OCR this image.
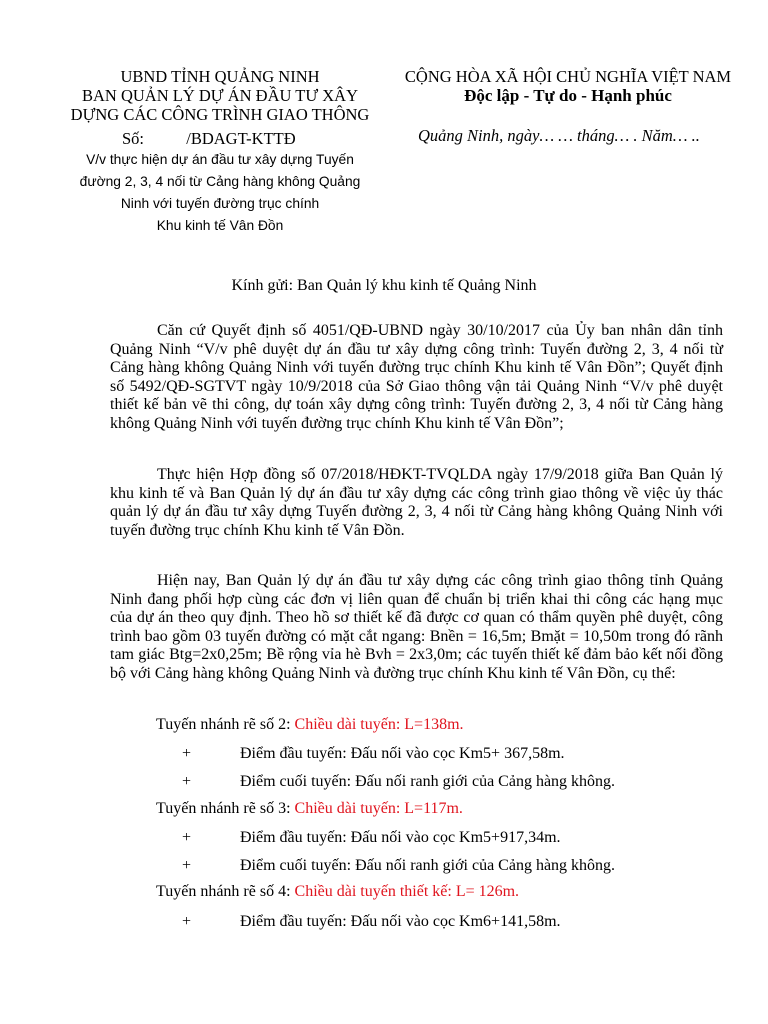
UBND TỈNH QUẢNG NINH
BAN QUẢN LÝ DỰ ÁN ĐẦU TƯ XÂY
DỰNG CÁC CÔNG TRÌNH GIAO THÔNG
CỘNG HÒA XÃ HỘI CHỦ NGHĨA VIỆT NAM
Độc lập - Tự do - Hạnh phúc
Số:	/BDAGT-KTTĐ
V/v thực hiện dự án đầu tư xây dựng Tuyến
đường 2, 3, 4 nối từ Cảng hàng không Quảng
Ninh với tuyến đường trục chính
Khu kinh tế Vân Đồn
Quảng Ninh, ngày… … tháng… . Năm… ..
Kính gửi: Ban Quản lý khu kinh tế Quảng Ninh
Căn cứ Quyết định số 4051/QĐ-UBND ngày 30/10/2017 của Ủy ban nhân dân tỉnh Quảng Ninh “V/v phê duyệt dự án đầu tư xây dựng công trình: Tuyến đường 2, 3, 4 nối từ Cảng hàng không Quảng Ninh với tuyến đường trục chính Khu kinh tế Vân Đồn”; Quyết định số 5492/QĐ-SGTVT ngày 10/9/2018 của Sở Giao thông vận tải Quảng Ninh “V/v phê duyệt thiết kế bản vẽ thi công, dự toán xây dựng công trình: Tuyến đường 2, 3, 4 nối từ Cảng hàng không Quảng Ninh với tuyến đường trục chính Khu kinh tế Vân Đồn”;
Thực hiện Hợp đồng số 07/2018/HĐKT-TVQLDA ngày 17/9/2018 giữa Ban Quản lý khu kinh tế và Ban Quản lý dự án đầu tư xây dựng các công trình giao thông về việc ủy thác quản lý dự án đầu tư xây dựng Tuyến đường 2, 3, 4 nối từ Cảng hàng không Quảng Ninh với tuyến đường trục chính Khu kinh tế Vân Đồn.
Hiện nay, Ban Quản lý dự án đầu tư xây dựng các công trình giao thông tỉnh Quảng Ninh đang phối hợp cùng các đơn vị liên quan để chuẩn bị triển khai thi công các hạng mục của dự án theo quy định. Theo hồ sơ thiết kế đã được cơ quan có thẩm quyền phê duyệt, công trình bao gồm 03 tuyến đường có mặt cắt ngang: Bnền = 16,5m; Bmặt = 10,50m trong đó rãnh tam giác Btg=2x0,25m; Bề rộng vỉa hè Bvh = 2x3,0m; các tuyến thiết kế đảm bảo kết nối đồng bộ với Cảng hàng không Quảng Ninh và đường trục chính Khu kinh tế Vân Đồn, cụ thể:
Tuyến nhánh rẽ số 2: Chiều dài tuyến: L=138m.
+	Điểm đầu tuyến: Đấu nối vào cọc Km5+ 367,58m.
+	Điểm cuối tuyến: Đấu nối ranh giới của Cảng hàng không.
Tuyến nhánh rẽ số 3: Chiều dài tuyến: L=117m.
+	Điểm đầu tuyến: Đấu nối vào cọc Km5+917,34m.
+	Điểm cuối tuyến: Đấu nối ranh giới của Cảng hàng không.
Tuyến nhánh rẽ số 4: Chiều dài tuyến thiết kế: L= 126m.
+	Điểm đầu tuyến: Đấu nối vào cọc Km6+141,58m.
